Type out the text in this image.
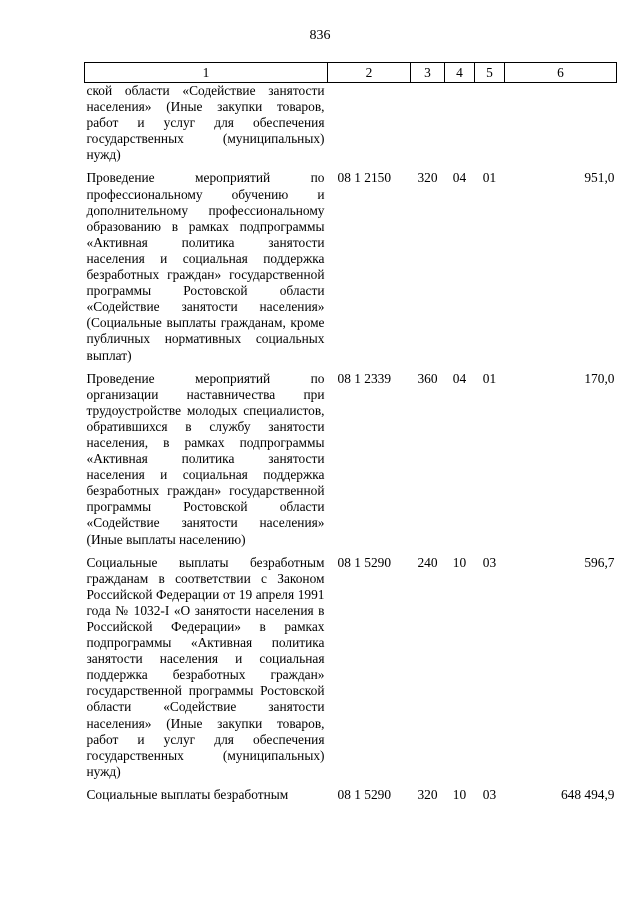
836
1	2	3	4	5	6
ской области «Содействие занятости населения» (Иные закупки товаров, работ и услуг для обеспечения государственных (муниципальных) нужд)					
Проведение мероприятий по профессиональному обучению и дополнительному профессиональному образованию в рамках подпрограммы «Активная политика занятости населения и социальная поддержка безработных граждан» государственной программы Ростовской области «Содействие занятости населения» (Социальные выплаты гражданам, кроме публичных нормативных социальных выплат)	08 1 2150	320	04	01	951,0
Проведение мероприятий по организации наставничества при трудоустройстве молодых специалистов, обратившихся в службу занятости населения, в рамках подпрограммы «Активная политика занятости населения и социальная поддержка безработных граждан» государственной программы Ростовской области «Содействие занятости населения» (Иные выплаты населению)	08 1 2339	360	04	01	170,0
Социальные выплаты безработным гражданам в соответствии с Законом Российской Федерации от 19 апреля 1991 года № 1032-I «О занятости населения в Российской Федерации» в рамках подпрограммы «Активная политика занятости населения и социальная поддержка безработных граждан» государственной программы Ростовской области «Содействие занятости населения» (Иные закупки товаров, работ и услуг для обеспечения государственных (муниципальных) нужд)	08 1 5290	240	10	03	596,7
Социальные выплаты безработным	08 1 5290	320	10	03	648 494,9
